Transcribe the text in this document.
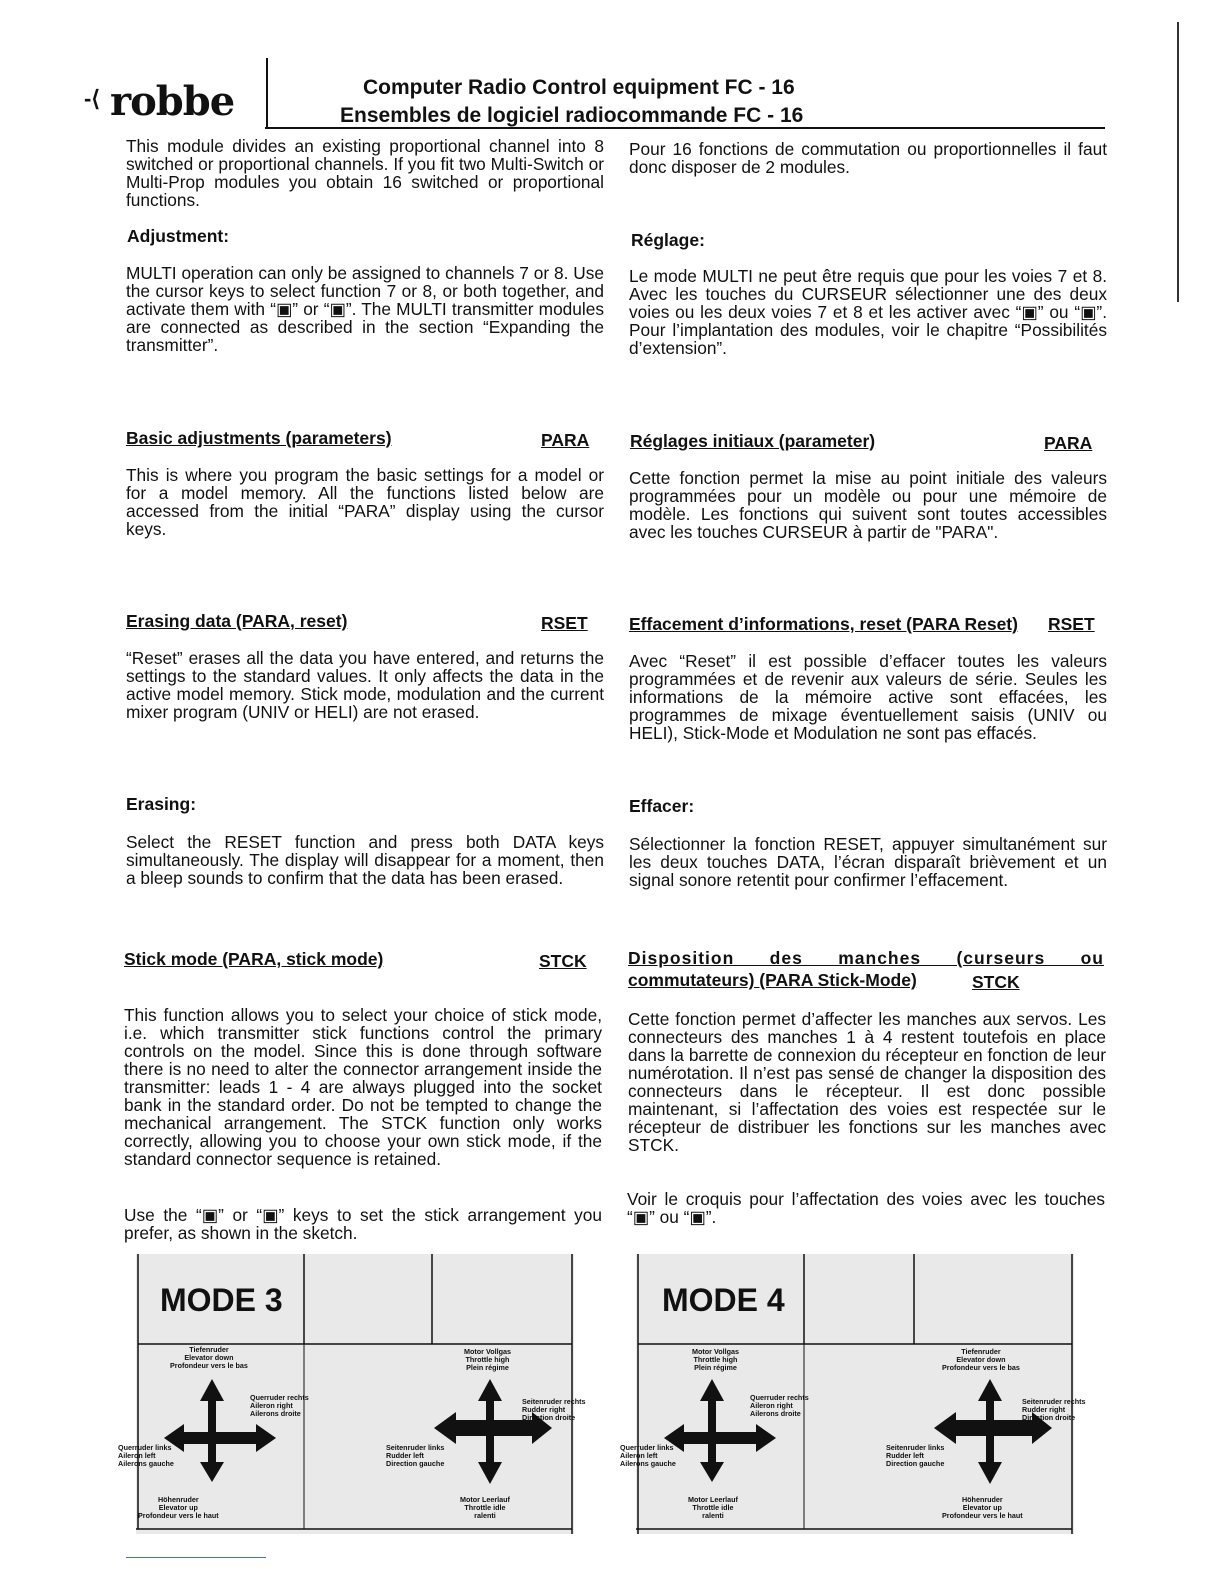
-⟨ robbe	Computer Radio Control equipment FC - 16
Ensembles de logiciel radiocommande FC - 16
This module divides an existing proportional channel into 8 switched or proportional channels. If you fit two Multi-Switch or Multi-Prop modules you obtain 16 switched or proportional functions.
Adjustment:
MULTI operation can only be assigned to channels 7 or 8. Use the cursor keys to select function 7 or 8, or both together, and activate them with “▣” or “▣”. The MULTI transmitter modules are connected as described in the section “Expanding the transmitter”.
Basic adjustments (parameters)	PARA
This is where you program the basic settings for a model or for a model memory. All the functions listed below are accessed from the initial “PARA” display using the cursor keys.
Erasing data (PARA, reset)	RSET
“Reset” erases all the data you have entered, and returns the settings to the standard values. It only affects the data in the active model memory. Stick mode, modulation and the current mixer program (UNIV or HELI) are not erased.
Erasing:
Select the RESET function and press both DATA keys simultaneously. The display will disappear for a moment, then a bleep sounds to confirm that the data has been erased.
Stick mode (PARA, stick mode)	STCK
This function allows you to select your choice of stick mode, i.e. which transmitter stick functions control the primary controls on the model. Since this is done through software there is no need to alter the connector arrangement inside the transmitter: leads 1 - 4 are always plugged into the socket bank in the standard order. Do not be tempted to change the mechanical arrangement. The STCK function only works correctly, allowing you to choose your own stick mode, if the standard connector sequence is retained.
Use the “▣” or “▣” keys to set the stick arrangement you prefer, as shown in the sketch.
Pour 16 fonctions de commutation ou proportionnelles il faut donc disposer de 2 modules.
Réglage:
Le mode MULTI ne peut être requis que pour les voies 7 et 8. Avec les touches du CURSEUR sélectionner une des deux voies ou les deux voies 7 et 8 et les activer avec “▣” ou “▣”. Pour l’implantation des modules, voir le chapitre “Possibilités d’extension”.
Réglages initiaux (parameter)	PARA
Cette fonction permet la mise au point initiale des valeurs programmées pour un modèle ou pour une mémoire de modèle. Les fonctions qui suivent sont toutes accessibles avec les touches CURSEUR à partir de "PARA".
Effacement d’informations, reset (PARA Reset) RSET
Avec “Reset” il est possible d’effacer toutes les valeurs programmées et de revenir aux valeurs de série. Seules les informations de la mémoire active sont effacées, les programmes de mixage éventuellement saisis (UNIV ou HELI), Stick-Mode et Modulation ne sont pas effacés.
Effacer:
Sélectionner la fonction RESET, appuyer simultanément sur les deux touches DATA, l’écran disparaît brièvement et un signal sonore retentit pour confirmer l’effacement.
Disposition des manches (curseurs ou
commutateurs) (PARA Stick-Mode)	STCK
Cette fonction permet d’affecter les manches aux servos. Les connecteurs des manches 1 à 4 restent toutefois en place dans la barrette de connexion du récepteur en fonction de leur numérotation. Il n’est pas sensé de changer la disposition des connecteurs dans le récepteur. Il est donc possible maintenant, si l’affectation des voies est respectée sur le récepteur de distribuer les fonctions sur les manches avec STCK.
Voir le croquis pour l’affectation des voies avec les touches “▣” ou “▣”.
MODE 3
Tiefenruder
Elevator down
Profondeur vers le bas
Querruder rechts
Aileron right
Ailerons droite
Querruder links
Aileron left
Ailerons gauche
Höhenruder
Elevator up
Profondeur vers le haut
Motor Vollgas
Throttle high
Plein régime
Seitenruder rechts
Rudder right
Direction droite
Seitenruder links
Rudder left
Direction gauche
Motor Leerlauf
Throttle idle
ralenti
MODE 4
Motor Vollgas
Throttle high
Plein régime
Querruder rechts
Aileron right
Ailerons droite
Querruder links
Aileron left
Ailerons gauche
Motor Leerlauf
Throttle idle
ralenti
Tiefenruder
Elevator down
Profondeur vers le bas
Seitenruder rechts
Rudder right
Direction droite
Seitenruder links
Rudder left
Direction gauche
Höhenruder
Elevator up
Profondeur vers le haut
